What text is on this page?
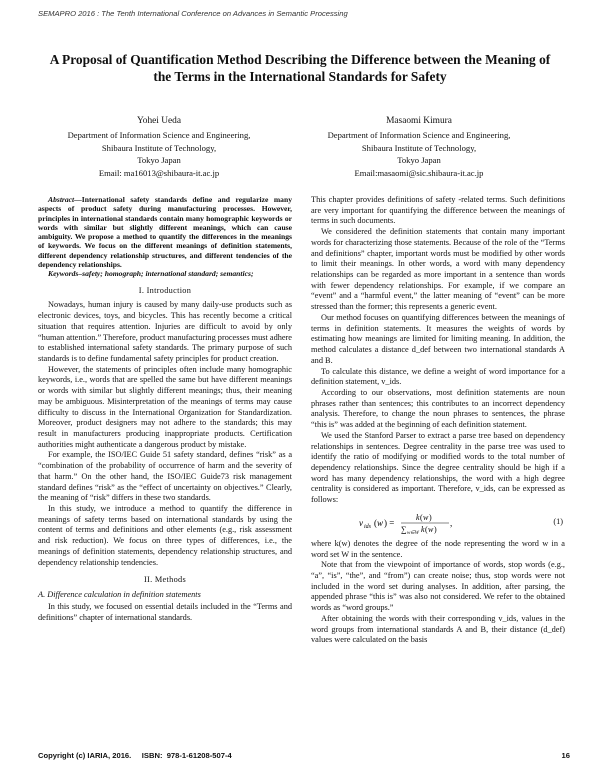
SEMAPRO 2016 : The Tenth International Conference on Advances in Semantic Processing
A Proposal of Quantification Method Describing the Difference between the Meaning of
the Terms in the International Standards for Safety
Yohei Ueda
Department of Information Science and Engineering,
Shibaura Institute of Technology,
Tokyo Japan
Email: ma16013@shibaura-it.ac.jp
Masaomi Kimura
Department of Information Science and Engineering,
Shibaura Institute of Technology,
Tokyo Japan
Email:masaomi@sic.shibaura-it.ac.jp

Abstract—International safety standards define and regularize many aspects of product safety during manufacturing processes. However, principles in international standards contain many homographic keywords or words with similar but slightly different meanings, which can cause ambiguity. We propose a method to quantify the differences in the meanings of keywords. We focus on the different meanings of definition statements, different dependency relationship structures, and different tendencies of the dependency relationships.

Keywords–safety; homograph; international standard; semantics;

I. Introduction

Nowadays, human injury is caused by many daily-use products such as electronic devices, toys, and bicycles. This has recently become a critical situation that requires attention. Injuries are difficult to avoid by only “human attention.” Therefore, product manufacturing processes must adhere to established international safety standards. The primary purpose of such standards is to define fundamental safety principles for product creation.

However, the statements of principles often include many homographic keywords, i.e., words that are spelled the same but have different meanings or words with similar but slightly different meanings; thus, their meaning may be ambiguous. Misinterpretation of the meanings of terms may cause difficulty to discuss in the International Organization for Standardization. Moreover, product designers may not adhere to the standards; this may result in manufacturers producing inappropriate products. Certification authorities might authenticate a dangerous product by mistake.

For example, the ISO/IEC Guide 51 safety standard, defines “risk” as a “combination of the probability of occurrence of harm and the severity of that harm.” On the other hand, the ISO/IEC Guide73 risk management standard defines “risk” as the “effect of uncertainty on objectives.” Clearly, the meaning of “risk” differs in these two standards.

In this study, we introduce a method to quantify the difference in meanings of safety terms based on international standards by using the content of terms and definitions and other elements (e.g., risk assessment and risk reduction). We focus on three types of differences, i.e., the meanings of definition statements, dependency relationship structures, and dependency relationship tendencies.

II. Methods
A. Difference calculation in definition statements

In this study, we focused on essential details included in the “Terms and definitions” chapter of international standards.

This chapter provides definitions of safety -related terms. Such definitions are very important for quantifying the difference between the meanings of terms in such documents.

We considered the definition statements that contain many important words for characterizing those statements. Because of the role of the “Terms and definitions” chapter, important words must be modified by other words to limit their meanings. In other words, a word with many dependency relationships can be regarded as more important in a sentence than words with fewer dependency relationships. For example, if we compare an “event” and a “harmful event,” the latter meaning of “event” can be more stressed than the former; this represents a generic event.

Our method focuses on quantifying differences between the meanings of terms in definition statements. It measures the weights of words by estimating how meanings are limited for limiting meaning. In addition, the method calculates a distance d_def between two international standards A and B.

To calculate this distance, we define a weight of word importance for a definition statement, v_ids.

According to our observations, most definition statements are noun phrases rather than sentences; this contributes to an incorrect dependency analysis. Therefore, to change the noun phrases to sentences, the phrase “this is” was added at the beginning of each definition statement.

We used the Stanford Parser to extract a parse tree based on dependency relationships in sentences. Degree centrality in the parse tree was used to identify the ratio of modifying or modified words to the total number of dependency relationships. Since the degree centrality should be high if a word has many dependency relationships, the word with a high degree centrality is considered as important. Therefore, v_ids, can be expressed as follows:

v ids ( w ) =
k ( w )
∑ w∈W k ( w )
,	(1)

where k(w) denotes the degree of the node representing the word w in a word set W in the sentence.

Note that from the viewpoint of importance of words, stop words (e.g., “a”, “is”, “the”, and “from”) can create noise; thus, stop words were not included in the word set during analyses. In addition, after parsing, the appended phrase “this is” was also not considered. We refer to the obtained words as “word groups.”

After obtaining the words with their corresponding v_ids, values in the word groups from international standards A and B, their distance (d_def) values were calculated on the basis

Copyright (c) IARIA, 2016.     ISBN:  978-1-61208-507-4	16
